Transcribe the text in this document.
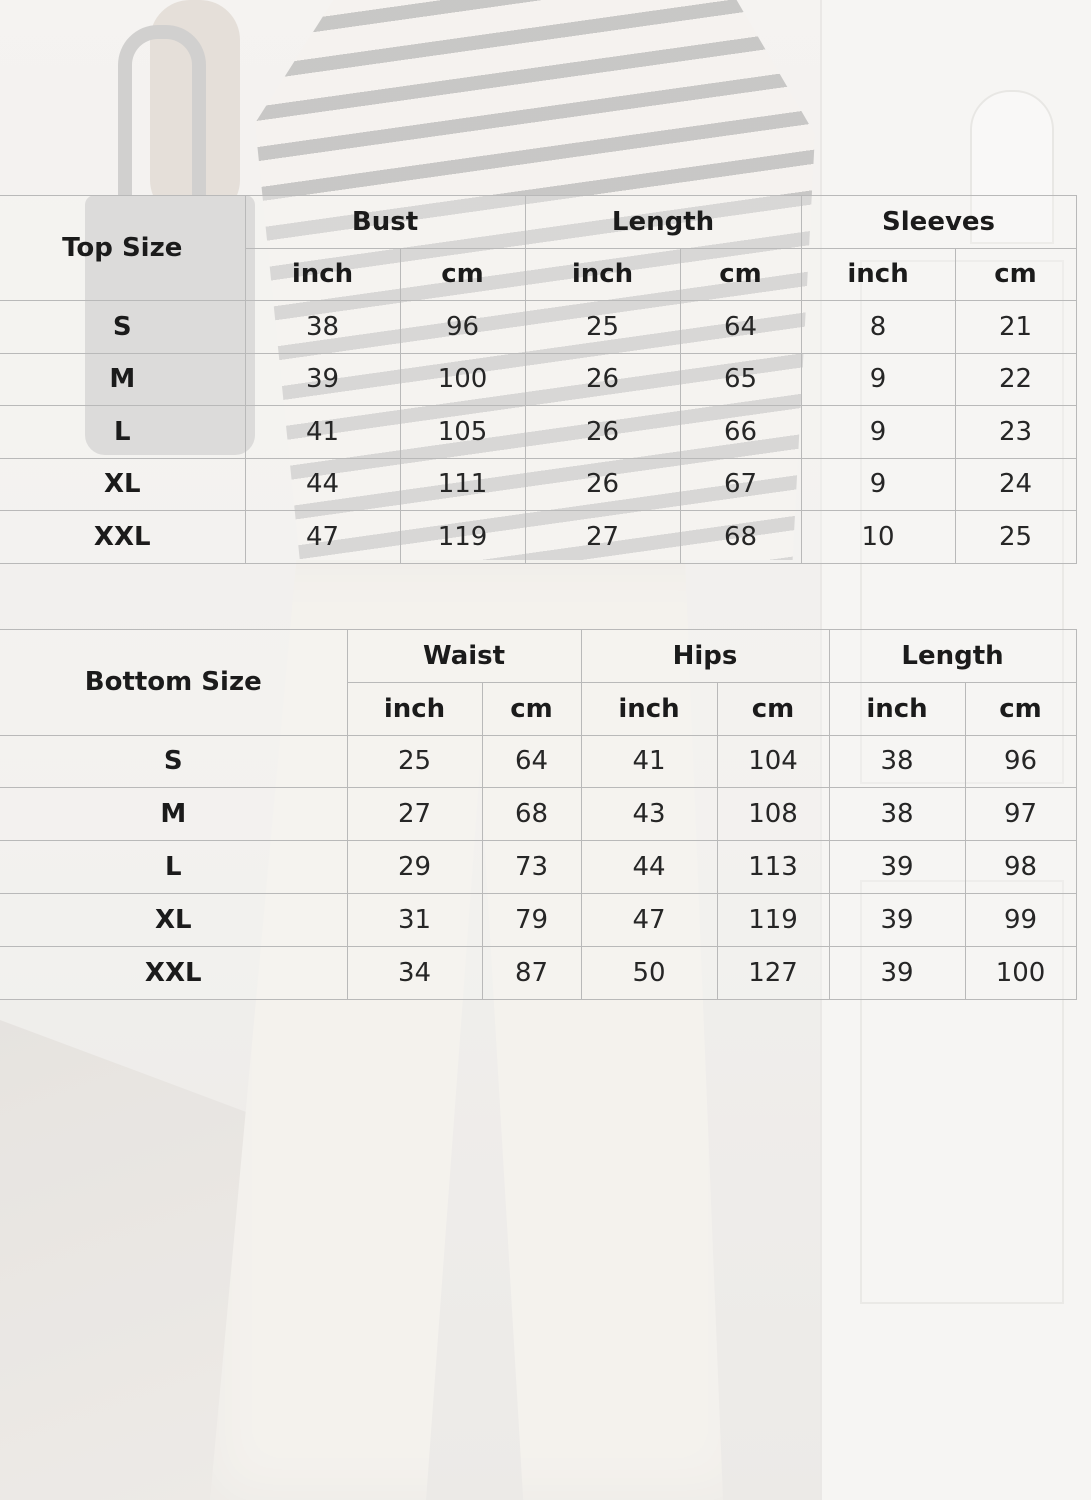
Top Size	Bust		Length		Sleeves	
	inch	cm	inch	cm	inch	cm
S	38	96	25	64	8	21
M	39	100	26	65	9	22
L	41	105	26	66	9	23
XL	44	111	26	67	9	24
XXL	47	119	27	68	10	25
Bottom Size	Waist		Hips		Length	
	inch	cm	inch	cm	inch	cm
S	25	64	41	104	38	96
M	27	68	43	108	38	97
L	29	73	44	113	39	98
XL	31	79	47	119	39	99
XXL	34	87	50	127	39	100
